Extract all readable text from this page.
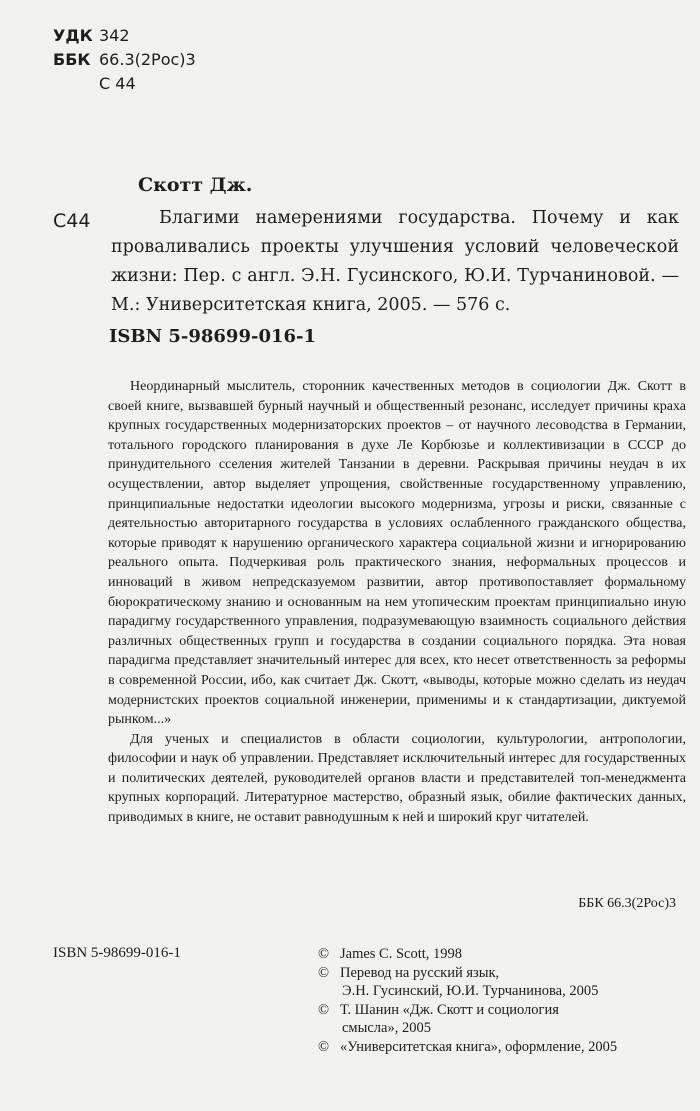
УДК 342
ББК 66.3(2Рос)3
С 44
Скотт Дж.
С44	Благими намерениями государства. Почему и как проваливались проекты улучшения условий человеческой жизни: Пер. с англ. Э.Н. Гусинского, Ю.И. Турчаниновой. — М.: Университетская книга, 2005. — 576 с.
ISBN 5-98699-016-1

Неординарный мыслитель, сторонник качественных методов в социологии Дж. Скотт в своей книге, вызвавшей бурный научный и общественный резонанс, исследует причины краха крупных государственных модернизаторских проектов – от научного лесоводства в Германии, тотального городского планирования в духе Ле Корбюзье и коллективизации в СССР до принудительного сселения жителей Танзании в деревни. Раскрывая причины неудач в их осуществлении, автор выделяет упрощения, свойственные государственному управлению, принципиальные недостатки идеологии высокого модернизма, угрозы и риски, связанные с деятельностью авторитарного государства в условиях ослабленного гражданского общества, которые приводят к нарушению органического характера социальной жизни и игнорированию реального опыта. Подчеркивая роль практического знания, неформальных процессов и инноваций в живом непредсказуемом развитии, автор противопоставляет формальному бюрократическому знанию и основанным на нем утопическим проектам принципиально иную парадигму государственного управления, подразумевающую взаимность социального действия различных общественных групп и государства в создании социального порядка. Эта новая парадигма представляет значительный интерес для всех, кто несет ответственность за реформы в современной России, ибо, как считает Дж. Скотт, «выводы, которые можно сделать из неудач модернистских проектов социальной инженерии, применимы и к стандартизации, диктуемой рынком...»

Для ученых и специалистов в области социологии, культурологии, антропологии, философии и наук об управлении. Представляет исключительный интерес для государственных и политических деятелей, руководителей органов власти и представителей топ-менеджмента крупных корпораций. Литературное мастерство, образный язык, обилие фактических данных, приводимых в книге, не оставит равнодушным к ней и широкий круг читателей.

ББК 66.3(2Рос)3
ISBN 5-98699-016-1	© James C. Scott, 1998
© Перевод на русский язык,
Э.Н. Гусинский, Ю.И. Турчанинова, 2005
© Т. Шанин «Дж. Скотт и социология
смысла», 2005
© «Университетская книга», оформление, 2005
